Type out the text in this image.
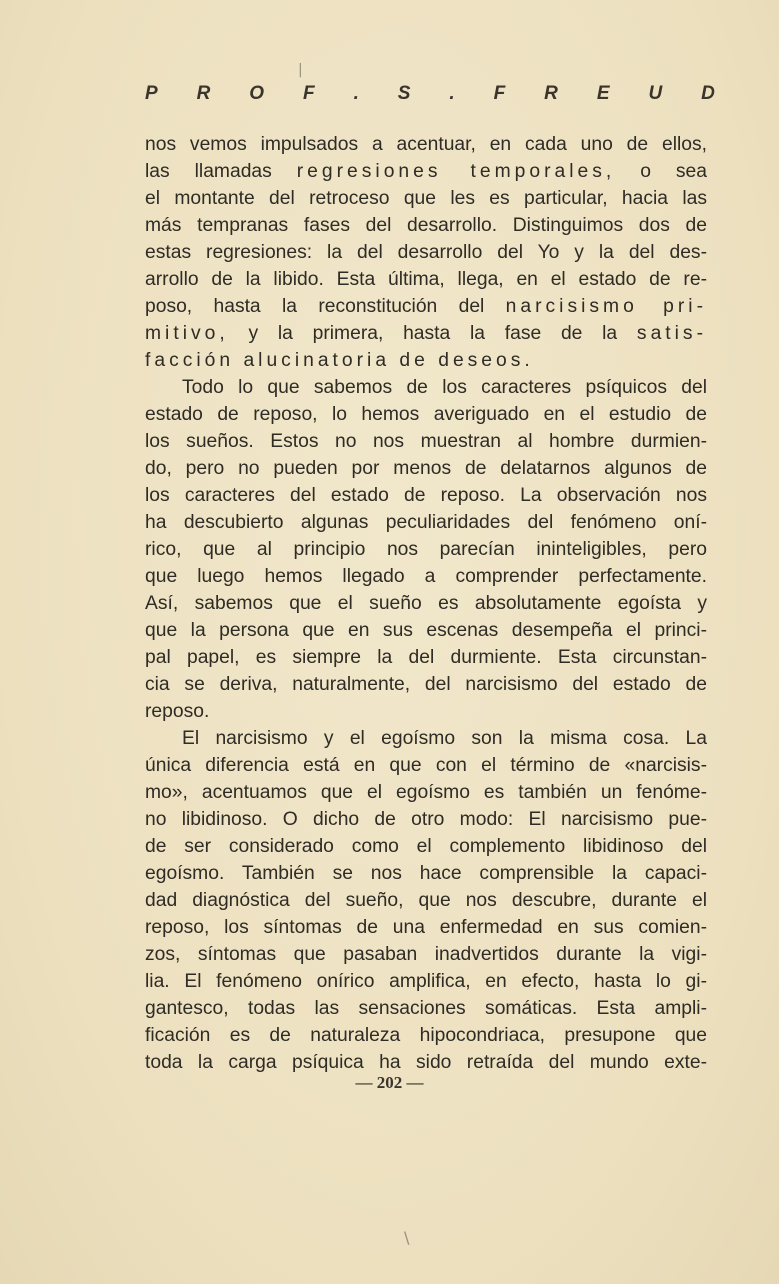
P R O F . S . F R E U D
nos vemos impulsados a acentuar, en cada uno de ellos,
las llamadas regresiones temporales, o sea
el montante del retroceso que les es particular, hacia las
más tempranas fases del desarrollo. Distinguimos dos de
estas regresiones: la del desarrollo del Yo y la del des-
arrollo de la libido. Esta última, llega, en el estado de re-
poso, hasta la reconstitución del narcisismo pri-
mitivo, y la primera, hasta la fase de la satis-
facción alucinatoria de deseos.
Todo lo que sabemos de los caracteres psíquicos del
estado de reposo, lo hemos averiguado en el estudio de
los sueños. Estos no nos muestran al hombre durmien-
do, pero no pueden por menos de delatarnos algunos de
los caracteres del estado de reposo. La observación nos
ha descubierto algunas peculiaridades del fenómeno oní-
rico, que al principio nos parecían ininteligibles, pero
que luego hemos llegado a comprender perfectamente.
Así, sabemos que el sueño es absolutamente egoísta y
que la persona que en sus escenas desempeña el princi-
pal papel, es siempre la del durmiente. Esta circunstan-
cia se deriva, naturalmente, del narcisismo del estado de
reposo.
El narcisismo y el egoísmo son la misma cosa. La
única diferencia está en que con el término de «narcisis-
mo», acentuamos que el egoísmo es también un fenóme-
no libidinoso. O dicho de otro modo: El narcisismo pue-
de ser considerado como el complemento libidinoso del
egoísmo. También se nos hace comprensible la capaci-
dad diagnóstica del sueño, que nos descubre, durante el
reposo, los síntomas de una enfermedad en sus comien-
zos, síntomas que pasaban inadvertidos durante la vigi-
lia. El fenómeno onírico amplifica, en efecto, hasta lo gi-
gantesco, todas las sensaciones somáticas. Esta ampli-
ficación es de naturaleza hipocondriaca, presupone que
toda la carga psíquica ha sido retraída del mundo exte-
— 202 —
|
\
